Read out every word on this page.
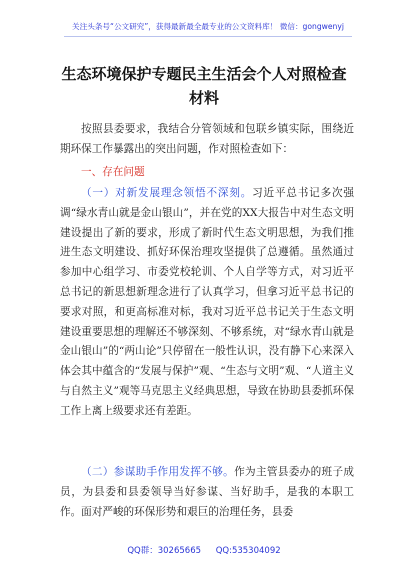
关注头条号“公文研究”，获得最新最全最专业的公文资料库！ 微信：gongwenyj
生态环境保护专题民主生活会个人对照检查材料
按照县委要求，我结合分管领域和包联乡镇实际，围绕近期环保工作暴露出的突出问题，作对照检查如下：
一、存在问题
（一）对新发展理念领悟不深刻。习近平总书记多次强调“绿水青山就是金山银山”，并在党的XX大报告中对生态文明建设提出了新的要求，形成了新时代生态文明思想，为我们推进生态文明建设、抓好环保治理攻坚提供了总遵循。虽然通过参加中心组学习、市委党校轮训、个人自学等方式，对习近平总书记的新思想新理念进行了认真学习，但拿习近平总书记的要求对照，和更高标准对标，我对习近平总书记关于生态文明建设重要思想的理解还不够深刻、不够系统，对“绿水青山就是金山银山”的“两山论”只停留在一般性认识，没有静下心来深入体会其中蕴含的“发展与保护”观、“生态与文明”观、“人道主义与自然主义”观等马克思主义经典思想，导致在协助县委抓环保工作上离上级要求还有差距。
（二）参谋助手作用发挥不够。作为主管县委办的班子成员，为县委和县委领导当好参谋、当好助手，是我的本职工作。面对严峻的环保形势和艰巨的治理任务，县委
QQ群：30265665 QQ:535304092
